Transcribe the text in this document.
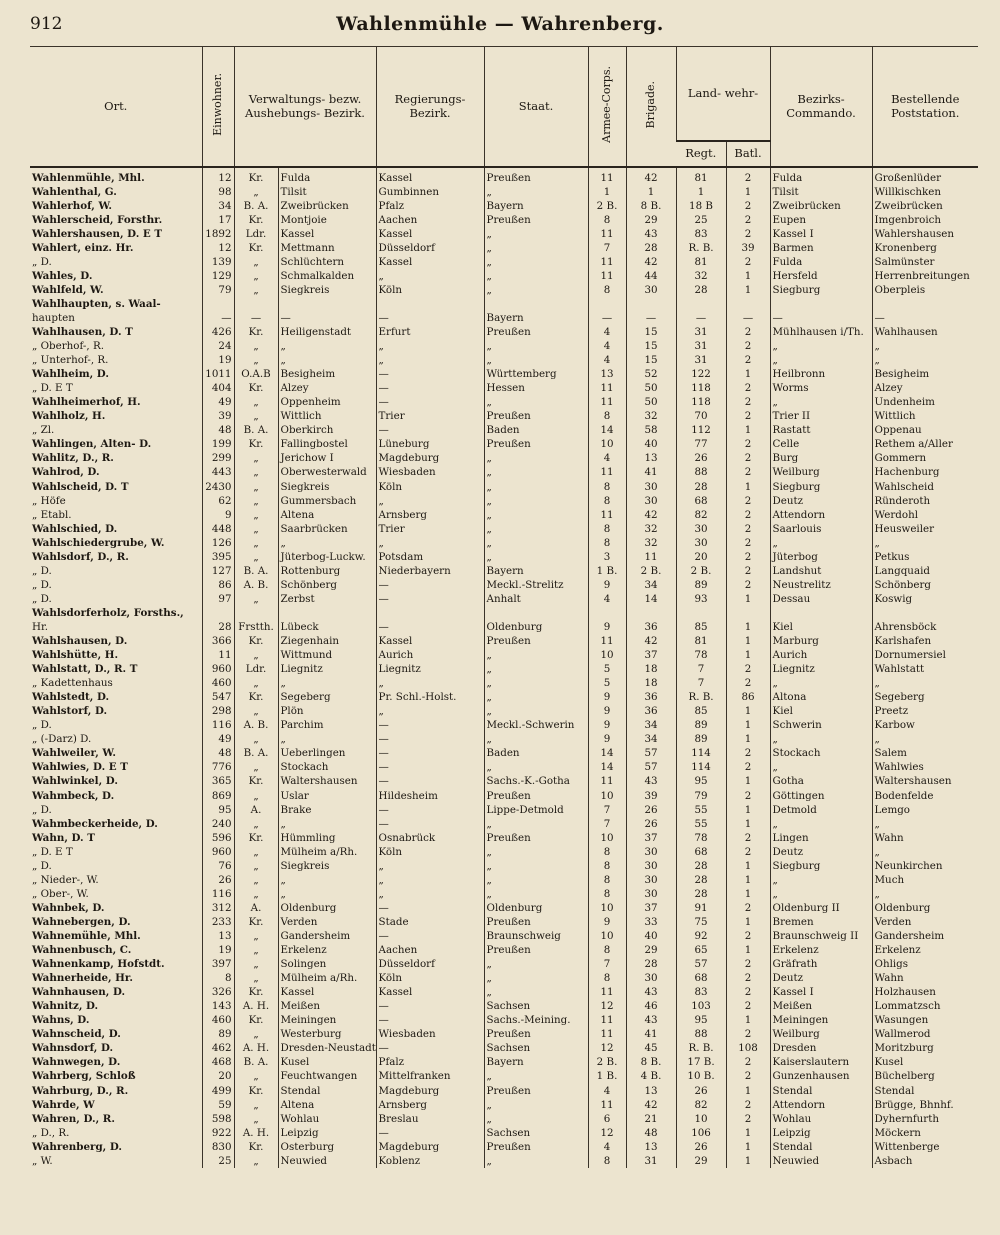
912	Wahlenmühle — Wahrenberg.
Ort.	Einwohner.	Verwaltungs- bezw. Aushebungs- Bezirk.		Regierungs- Bezirk.	Staat.	Armee-Corps.	Brigade.	Land- wehr-		Bezirks- Commando.	Bestellende Poststation.
								Regt.	Batl.		
Wahlenmühle, Mhl.	12	Kr.	Fulda	Kassel	Preußen	11	42	81	2	Fulda	Großenlüder
Wahlenthal, G.	98	„	Tilsit	Gumbinnen	„	1	1	1	1	Tilsit	Willkischken
Wahlerhof, W.	34	B. A.	Zweibrücken	Pfalz	Bayern	2 B.	8 B.	18 B	2	Zweibrücken	Zweibrücken
Wahlerscheid, Forsthr.	17	Kr.	Montjoie	Aachen	Preußen	8	29	25	2	Eupen	Imgenbroich
Wahlershausen, D. E T	1892	Ldr.	Kassel	Kassel	„	11	43	83	2	Kassel I	Wahlershausen
Wahlert, einz. Hr.	12	Kr.	Mettmann	Düsseldorf	„	7	28	R. B.	39	Barmen	Kronenberg
„ D.	139	„	Schlüchtern	Kassel	„	11	42	81	2	Fulda	Salmünster
Wahles, D.	129	„	Schmalkalden	„	„	11	44	32	1	Hersfeld	Herrenbreitungen
Wahlfeld, W.	79	„	Siegkreis	Köln	„	8	30	28	1	Siegburg	Oberpleis
Wahlhaupten, s. Waal-											
haupten	—	—	—	—	Bayern	—	—	—	—	—	—
Wahlhausen, D. T	426	Kr.	Heiligenstadt	Erfurt	Preußen	4	15	31	2	Mühlhausen i/Th.	Wahlhausen
„ Oberhof-, R.	24	„	„	„	„	4	15	31	2	„	„
„ Unterhof-, R.	19	„	„	„	„	4	15	31	2	„	„
Wahlheim, D.	1011	O.A.B	Besigheim	—	Württemberg	13	52	122	1	Heilbronn	Besigheim
„ D. E T	404	Kr.	Alzey	—	Hessen	11	50	118	2	Worms	Alzey
Wahlheimerhof, H.	49	„	Oppenheim	—	„	11	50	118	2	„	Undenheim
Wahlholz, H.	39	„	Wittlich	Trier	Preußen	8	32	70	2	Trier II	Wittlich
„ Zl.	48	B. A.	Oberkirch	—	Baden	14	58	112	1	Rastatt	Oppenau
Wahlingen, Alten- D.	199	Kr.	Fallingbostel	Lüneburg	Preußen	10	40	77	2	Celle	Rethem a/Aller
Wahlitz, D., R.	299	„	Jerichow I	Magdeburg	„	4	13	26	2	Burg	Gommern
Wahlrod, D.	443	„	Oberwesterwald	Wiesbaden	„	11	41	88	2	Weilburg	Hachenburg
Wahlscheid, D. T	2430	„	Siegkreis	Köln	„	8	30	28	1	Siegburg	Wahlscheid
„ Höfe	62	„	Gummersbach	„	„	8	30	68	2	Deutz	Ründeroth
„ Etabl.	9	„	Altena	Arnsberg	„	11	42	82	2	Attendorn	Werdohl
Wahlschied, D.	448	„	Saarbrücken	Trier	„	8	32	30	2	Saarlouis	Heusweiler
Wahlschiedergrube, W.	126	„	„	„	„	8	32	30	2	„	„
Wahlsdorf, D., R.	395	„	Jüterbog-Luckw.	Potsdam	„	3	11	20	2	Jüterbog	Petkus
„ D.	127	B. A.	Rottenburg	Niederbayern	Bayern	1 B.	2 B.	2 B.	2	Landshut	Langquaid
„ D.	86	A. B.	Schönberg	—	Meckl.-Strelitz	9	34	89	2	Neustrelitz	Schönberg
„ D.	97	„	Zerbst	—	Anhalt	4	14	93	1	Dessau	Koswig
Wahlsdorferholz, Forsths.,											
Hr.	28	Frstth.	Lübeck	—	Oldenburg	9	36	85	1	Kiel	Ahrensböck
Wahlshausen, D.	366	Kr.	Ziegenhain	Kassel	Preußen	11	42	81	1	Marburg	Karlshafen
Wahlshütte, H.	11	„	Wittmund	Aurich	„	10	37	78	1	Aurich	Dornumersiel
Wahlstatt, D., R. T	960	Ldr.	Liegnitz	Liegnitz	„	5	18	7	2	Liegnitz	Wahlstatt
„ Kadettenhaus	460	„	„	„	„	5	18	7	2	„	„
Wahlstedt, D.	547	Kr.	Segeberg	Pr. Schl.-Holst.	„	9	36	R. B.	86	Altona	Segeberg
Wahlstorf, D.	298	„	Plön	„	„	9	36	85	1	Kiel	Preetz
„ D.	116	A. B.	Parchim	—	Meckl.-Schwerin	9	34	89	1	Schwerin	Karbow
„ (-Darz) D.	49	„	„	—	„	9	34	89	1	„	„
Wahlweiler, W.	48	B. A.	Ueberlingen	—	Baden	14	57	114	2	Stockach	Salem
Wahlwies, D. E T	776	„	Stockach	—	„	14	57	114	2	„	Wahlwies
Wahlwinkel, D.	365	Kr.	Waltershausen	—	Sachs.-K.-Gotha	11	43	95	1	Gotha	Waltershausen
Wahmbeck, D.	869	„	Uslar	Hildesheim	Preußen	10	39	79	2	Göttingen	Bodenfelde
„ D.	95	A.	Brake	—	Lippe-Detmold	7	26	55	1	Detmold	Lemgo
Wahmbeckerheide, D.	240	„	„	—	„	7	26	55	1	„	„
Wahn, D. T	596	Kr.	Hümmling	Osnabrück	Preußen	10	37	78	2	Lingen	Wahn
„ D. E T	960	„	Mülheim a/Rh.	Köln	„	8	30	68	2	Deutz	„
„ D.	76	„	Siegkreis	„	„	8	30	28	1	Siegburg	Neunkirchen
„ Nieder-, W.	26	„	„	„	„	8	30	28	1	„	Much
„ Ober-, W.	116	„	„	„	„	8	30	28	1	„	„
Wahnbek, D.	312	A.	Oldenburg	—	Oldenburg	10	37	91	2	Oldenburg II	Oldenburg
Wahnebergen, D.	233	Kr.	Verden	Stade	Preußen	9	33	75	1	Bremen	Verden
Wahnemühle, Mhl.	13	„	Gandersheim	—	Braunschweig	10	40	92	2	Braunschweig II	Gandersheim
Wahnenbusch, C.	19	„	Erkelenz	Aachen	Preußen	8	29	65	1	Erkelenz	Erkelenz
Wahnenkamp, Hofstdt.	397	„	Solingen	Düsseldorf	„	7	28	57	2	Gräfrath	Ohligs
Wahnerheide, Hr.	8	„	Mülheim a/Rh.	Köln	„	8	30	68	2	Deutz	Wahn
Wahnhausen, D.	326	Kr.	Kassel	Kassel	„	11	43	83	2	Kassel I	Holzhausen
Wahnitz, D.	143	A. H.	Meißen	—	Sachsen	12	46	103	2	Meißen	Lommatzsch
Wahns, D.	460	Kr.	Meiningen	—	Sachs.-Meining.	11	43	95	1	Meiningen	Wasungen
Wahnscheid, D.	89	„	Westerburg	Wiesbaden	Preußen	11	41	88	2	Weilburg	Wallmerod
Wahnsdorf, D.	462	A. H.	Dresden-Neustadt	—	Sachsen	12	45	R. B.	108	Dresden	Moritzburg
Wahnwegen, D.	468	B. A.	Kusel	Pfalz	Bayern	2 B.	8 B.	17 B.	2	Kaiserslautern	Kusel
Wahrberg, Schloß	20	„	Feuchtwangen	Mittelfranken	„	1 B.	4 B.	10 B.	2	Gunzenhausen	Büchelberg
Wahrburg, D., R.	499	Kr.	Stendal	Magdeburg	Preußen	4	13	26	1	Stendal	Stendal
Wahrde, W	59	„	Altena	Arnsberg	„	11	42	82	2	Attendorn	Brügge, Bhnhf.
Wahren, D., R.	598	„	Wohlau	Breslau	„	6	21	10	2	Wohlau	Dyhernfurth
„ D., R.	922	A. H.	Leipzig	—	Sachsen	12	48	106	1	Leipzig	Möckern
Wahrenberg, D.	830	Kr.	Osterburg	Magdeburg	Preußen	4	13	26	1	Stendal	Wittenberge
„ W.	25	„	Neuwied	Koblenz	„	8	31	29	1	Neuwied	Asbach
